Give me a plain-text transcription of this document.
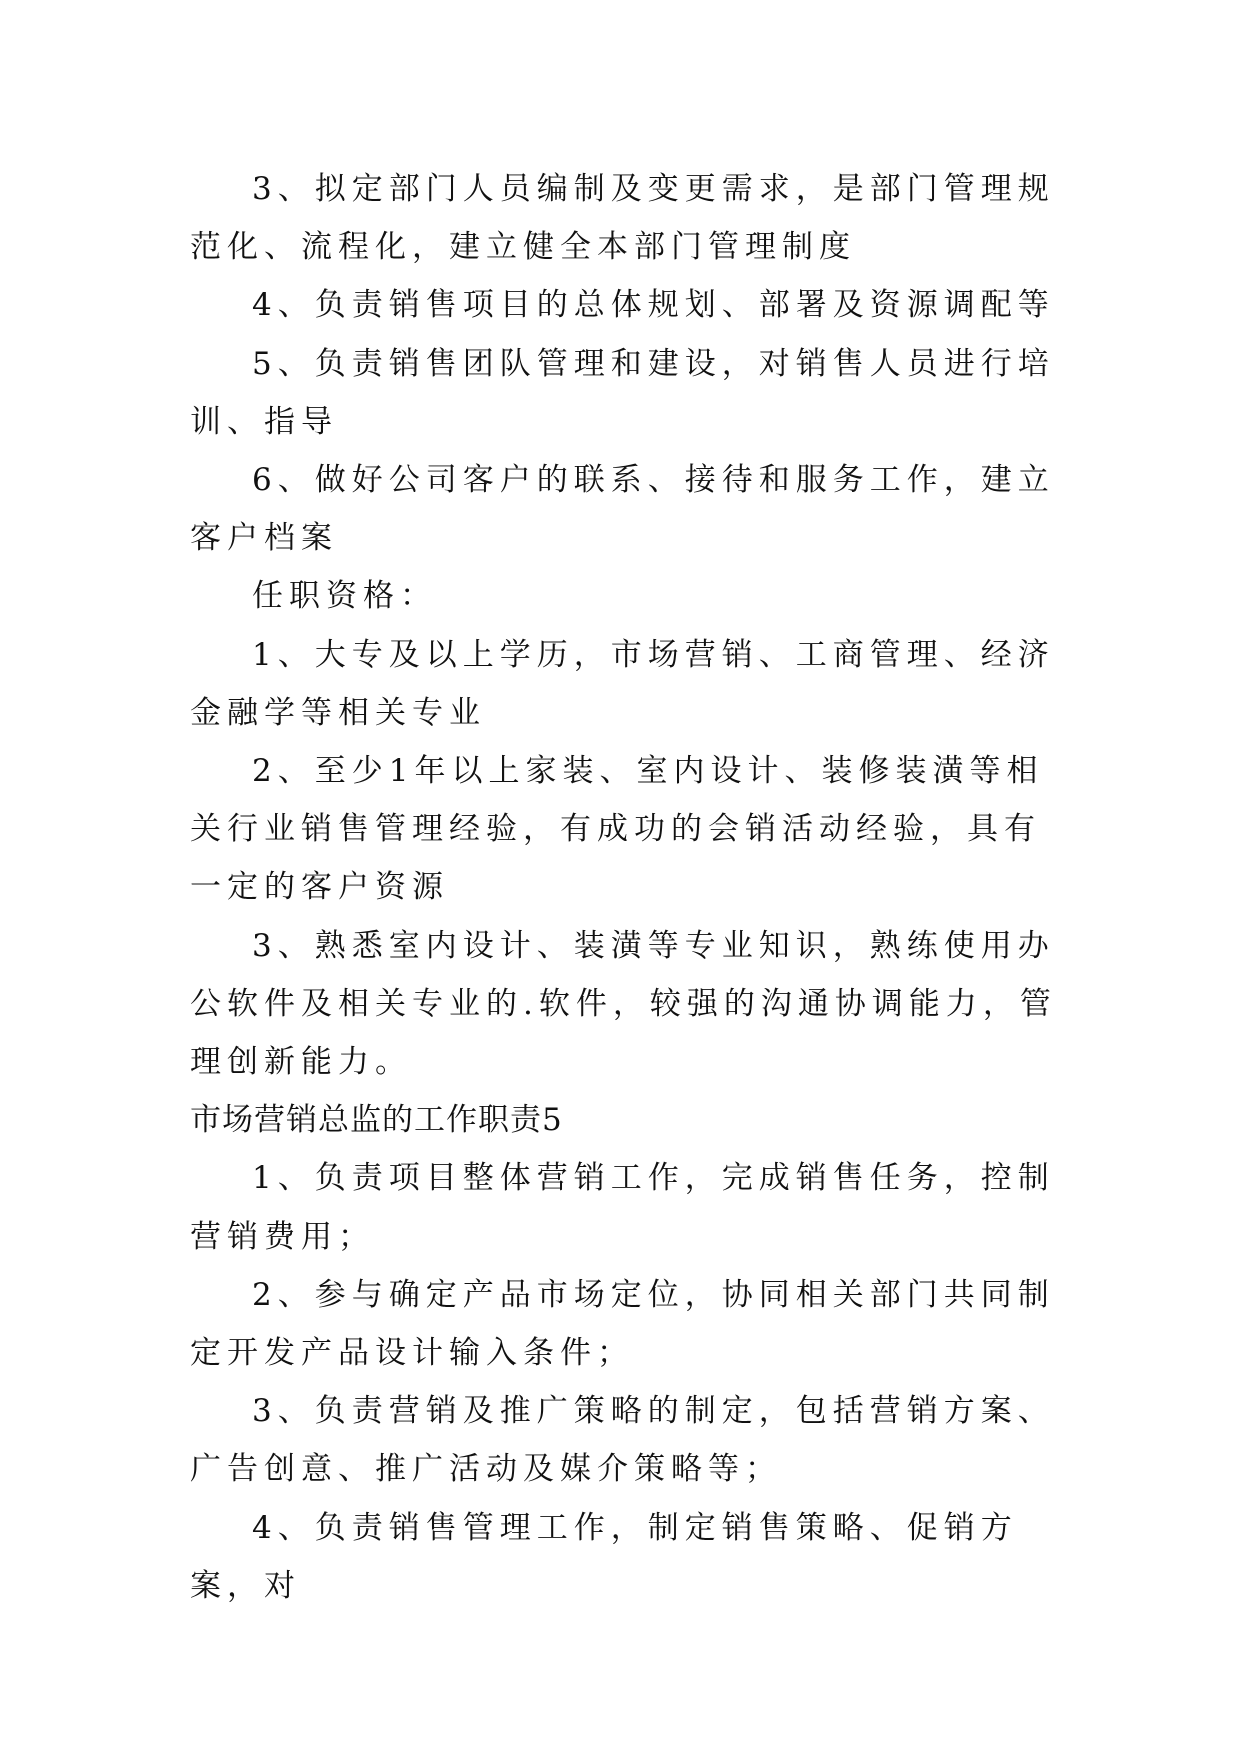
3、拟定部门人员编制及变更需求，是部门管理规范化、流程化，建立健全本部门管理制度

4、负责销售项目的总体规划、部署及资源调配等

5、负责销售团队管理和建设，对销售人员进行培训、指导

6、做好公司客户的联系、接待和服务工作，建立客户档案

任职资格：

1、大专及以上学历，市场营销、工商管理、经济金融学等相关专业

2、至少1年以上家装、室内设计、装修装潢等相关行业销售管理经验，有成功的会销活动经验，具有一定的客户资源

3、熟悉室内设计、装潢等专业知识，熟练使用办公软件及相关专业的.软件，较强的沟通协调能力，管理创新能力。

市场营销总监的工作职责5

1、负责项目整体营销工作，完成销售任务，控制营销费用；

2、参与确定产品市场定位，协同相关部门共同制定开发产品设计输入条件；

3、负责营销及推广策略的制定，包括营销方案、广告创意、推广活动及媒介策略等；

4、负责销售管理工作，制定销售策略、促销方案，对
